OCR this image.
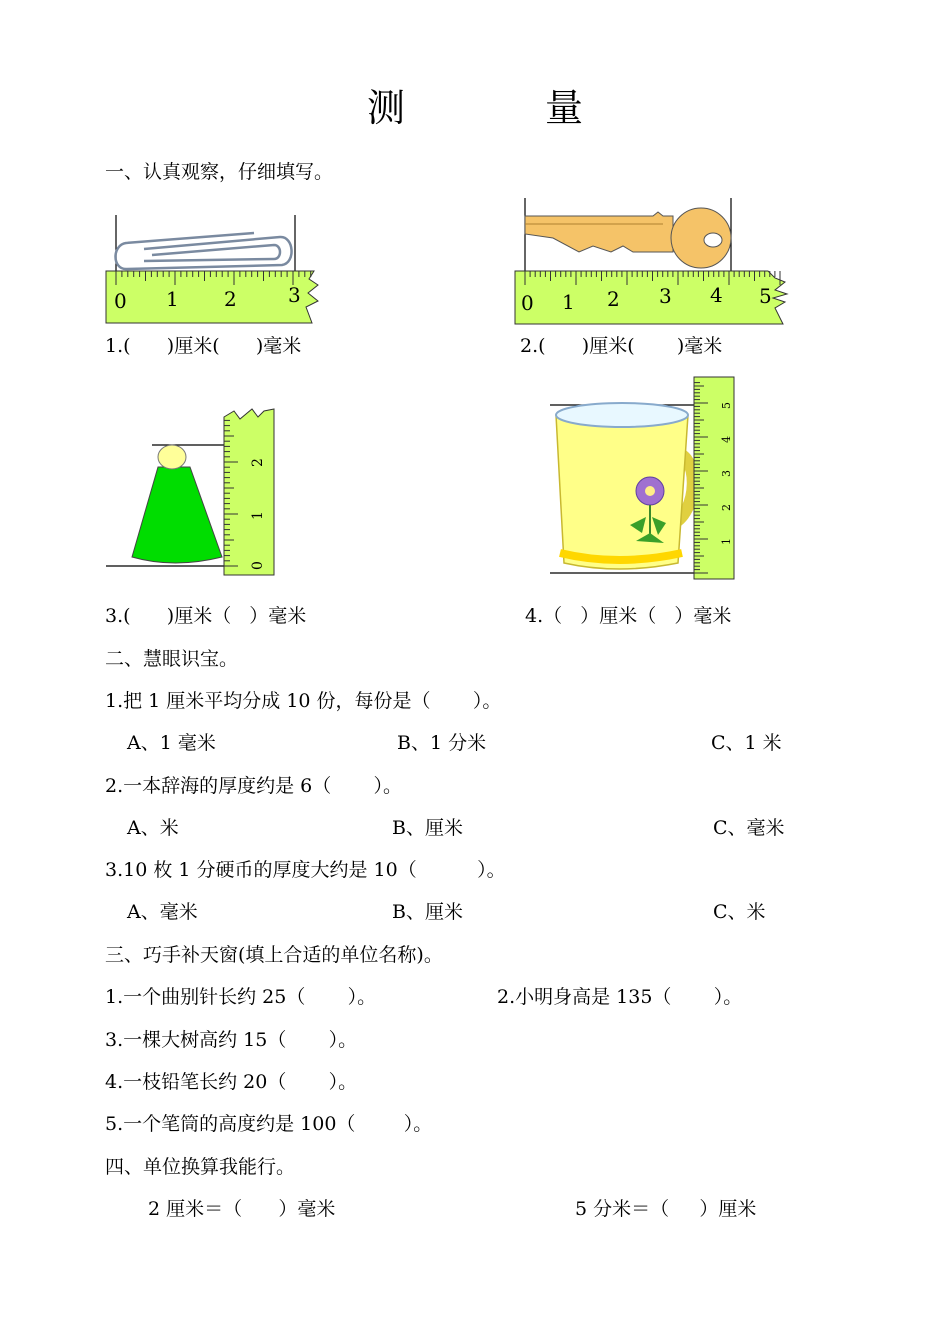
测 量
一、认真观察，仔细填写。
0 1 2	3	0 1 2 3 4 5
1.(      )厘米(      )毫米	2.(      )厘米(       )毫米
0
1
2
1
2
3
4
5
3.(      )厘米（   ）毫米	4.（   ）厘米（   ）毫米
二、慧眼识宝。
1.把 1 厘米平均分成 10 份，每份是（       ）。
A、1 毫米	B、1 分米	C、1 米
2.一本辞海的厚度约是 6（       ）。
A、米	B、厘米	C、毫米
3.10 枚 1 分硬币的厚度大约是 10（          ）。
A、毫米	B、厘米	C、米
三、巧手补天窗(填上合适的单位名称)。
1.一个曲别针长约 25（       ）。	2.小明身高是 135（       ）。
3.一棵大树高约 15（       ）。
4.一枝铅笔长约 20（       ）。
5.一个笔筒的高度约是 100（        ）。
四、单位换算我能行。
2 厘米＝（      ）毫米	5 分米＝（     ）厘米
